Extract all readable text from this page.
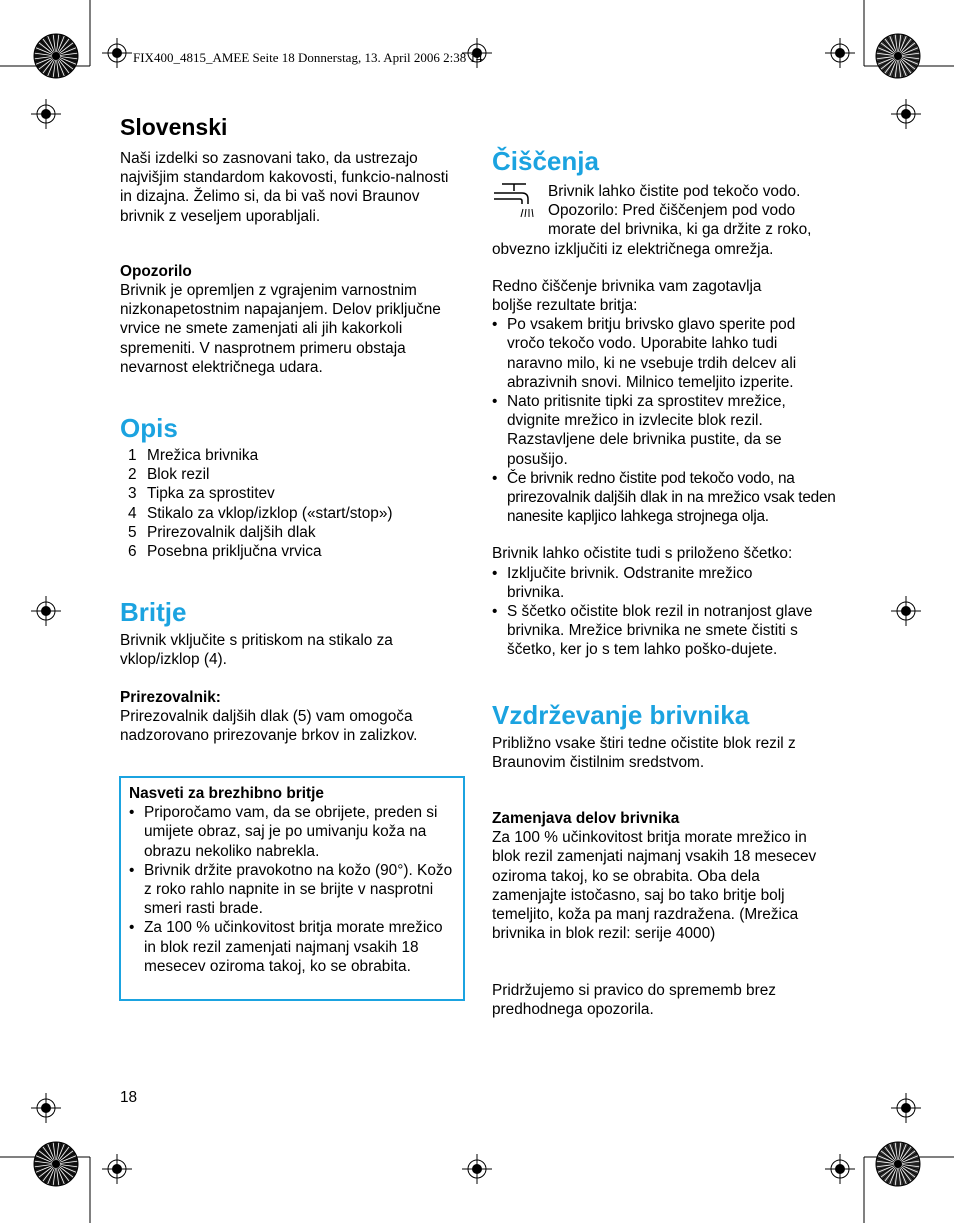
FIX400_4815_AMEE Seite 18 Donnerstag, 13. April 2006 2:38 14
Slovenski

Naši izdelki so zasnovani tako, da ustrezajo najvišjim standardom kakovosti, funkcio-nalnosti in dizajna. Želimo si, da bi vaš novi Braunov brivnik z veseljem uporabljali.

Opozorilo

Brivnik je opremljen z vgrajenim varnostnim nizkonapetostnim napajanjem. Delov priključne vrvice ne smete zamenjati ali jih kakorkoli spremeniti. V nasprotnem primeru obstaja nevarnost električnega udara.

Opis
1 Mrežica brivnika
2 Blok rezil
3 Tipka za sprostitev
4 Stikalo za vklop/izklop («start/stop»)
5 Prirezovalnik daljših dlak
6 Posebna priključna vrvica
Britje

Brivnik vključite s pritiskom na stikalo za vklop/izklop (4).

Prirezovalnik:

Prirezovalnik daljših dlak (5) vam omogoča nadzorovano prirezovanje brkov in zalizkov.

Nasveti za brezhibno britje

• Priporočamo vam, da se obrijete, preden si umijete obraz, saj je po umivanju koža na obrazu nekoliko nabrekla.
• Brivnik držite pravokotno na kožo (90°). Kožo z roko rahlo napnite in se brijte v nasprotni smeri rasti brade.
• Za 100 % učinkovitost britja morate mrežico in blok rezil zamenjati najmanj vsakih 18 mesecev oziroma takoj, ko se obrabita.
18
Čiščenja

Brivnik lahko čistite pod tekočo vodo. Opozorilo: Pred čiščenjem pod vodo morate del brivnika, ki ga držite z roko, obvezno izključiti iz električnega omrežja.

Redno čiščenje brivnika vam zagotavlja boljše rezultate britja:

• Po vsakem britju brivsko glavo sperite pod vročo tekočo vodo. Uporabite lahko tudi naravno milo, ki ne vsebuje trdih delcev ali abrazivnih snovi. Milnico temeljito izperite.
• Nato pritisnite tipki za sprostitev mrežice, dvignite mrežico in izvlecite blok rezil. Razstavljene dele brivnika pustite, da se posušijo.
• Če brivnik redno čistite pod tekočo vodo, na prirezovalnik daljših dlak in na mrežico vsak teden nanesite kapljico lahkega strojnega olja.

Brivnik lahko očistite tudi s priloženo ščetko:

• Izključite brivnik. Odstranite mrežico brivnika.
• S ščetko očistite blok rezil in notranjost glave brivnika. Mrežice brivnika ne smete čistiti s ščetko, ker jo s tem lahko poško-dujete.
Vzdrževanje brivnika

Približno vsake štiri tedne očistite blok rezil z Braunovim čistilnim sredstvom.

Zamenjava delov brivnika

Za 100 % učinkovitost britja morate mrežico in blok rezil zamenjati najmanj vsakih 18 mesecev oziroma takoj, ko se obrabita. Oba dela zamenjajte istočasno, saj bo tako britje bolj temeljito, koža pa manj razdražena. (Mrežica brivnika in blok rezil: serije 4000)

Pridržujemo si pravico do sprememb brez predhodnega opozorila.
